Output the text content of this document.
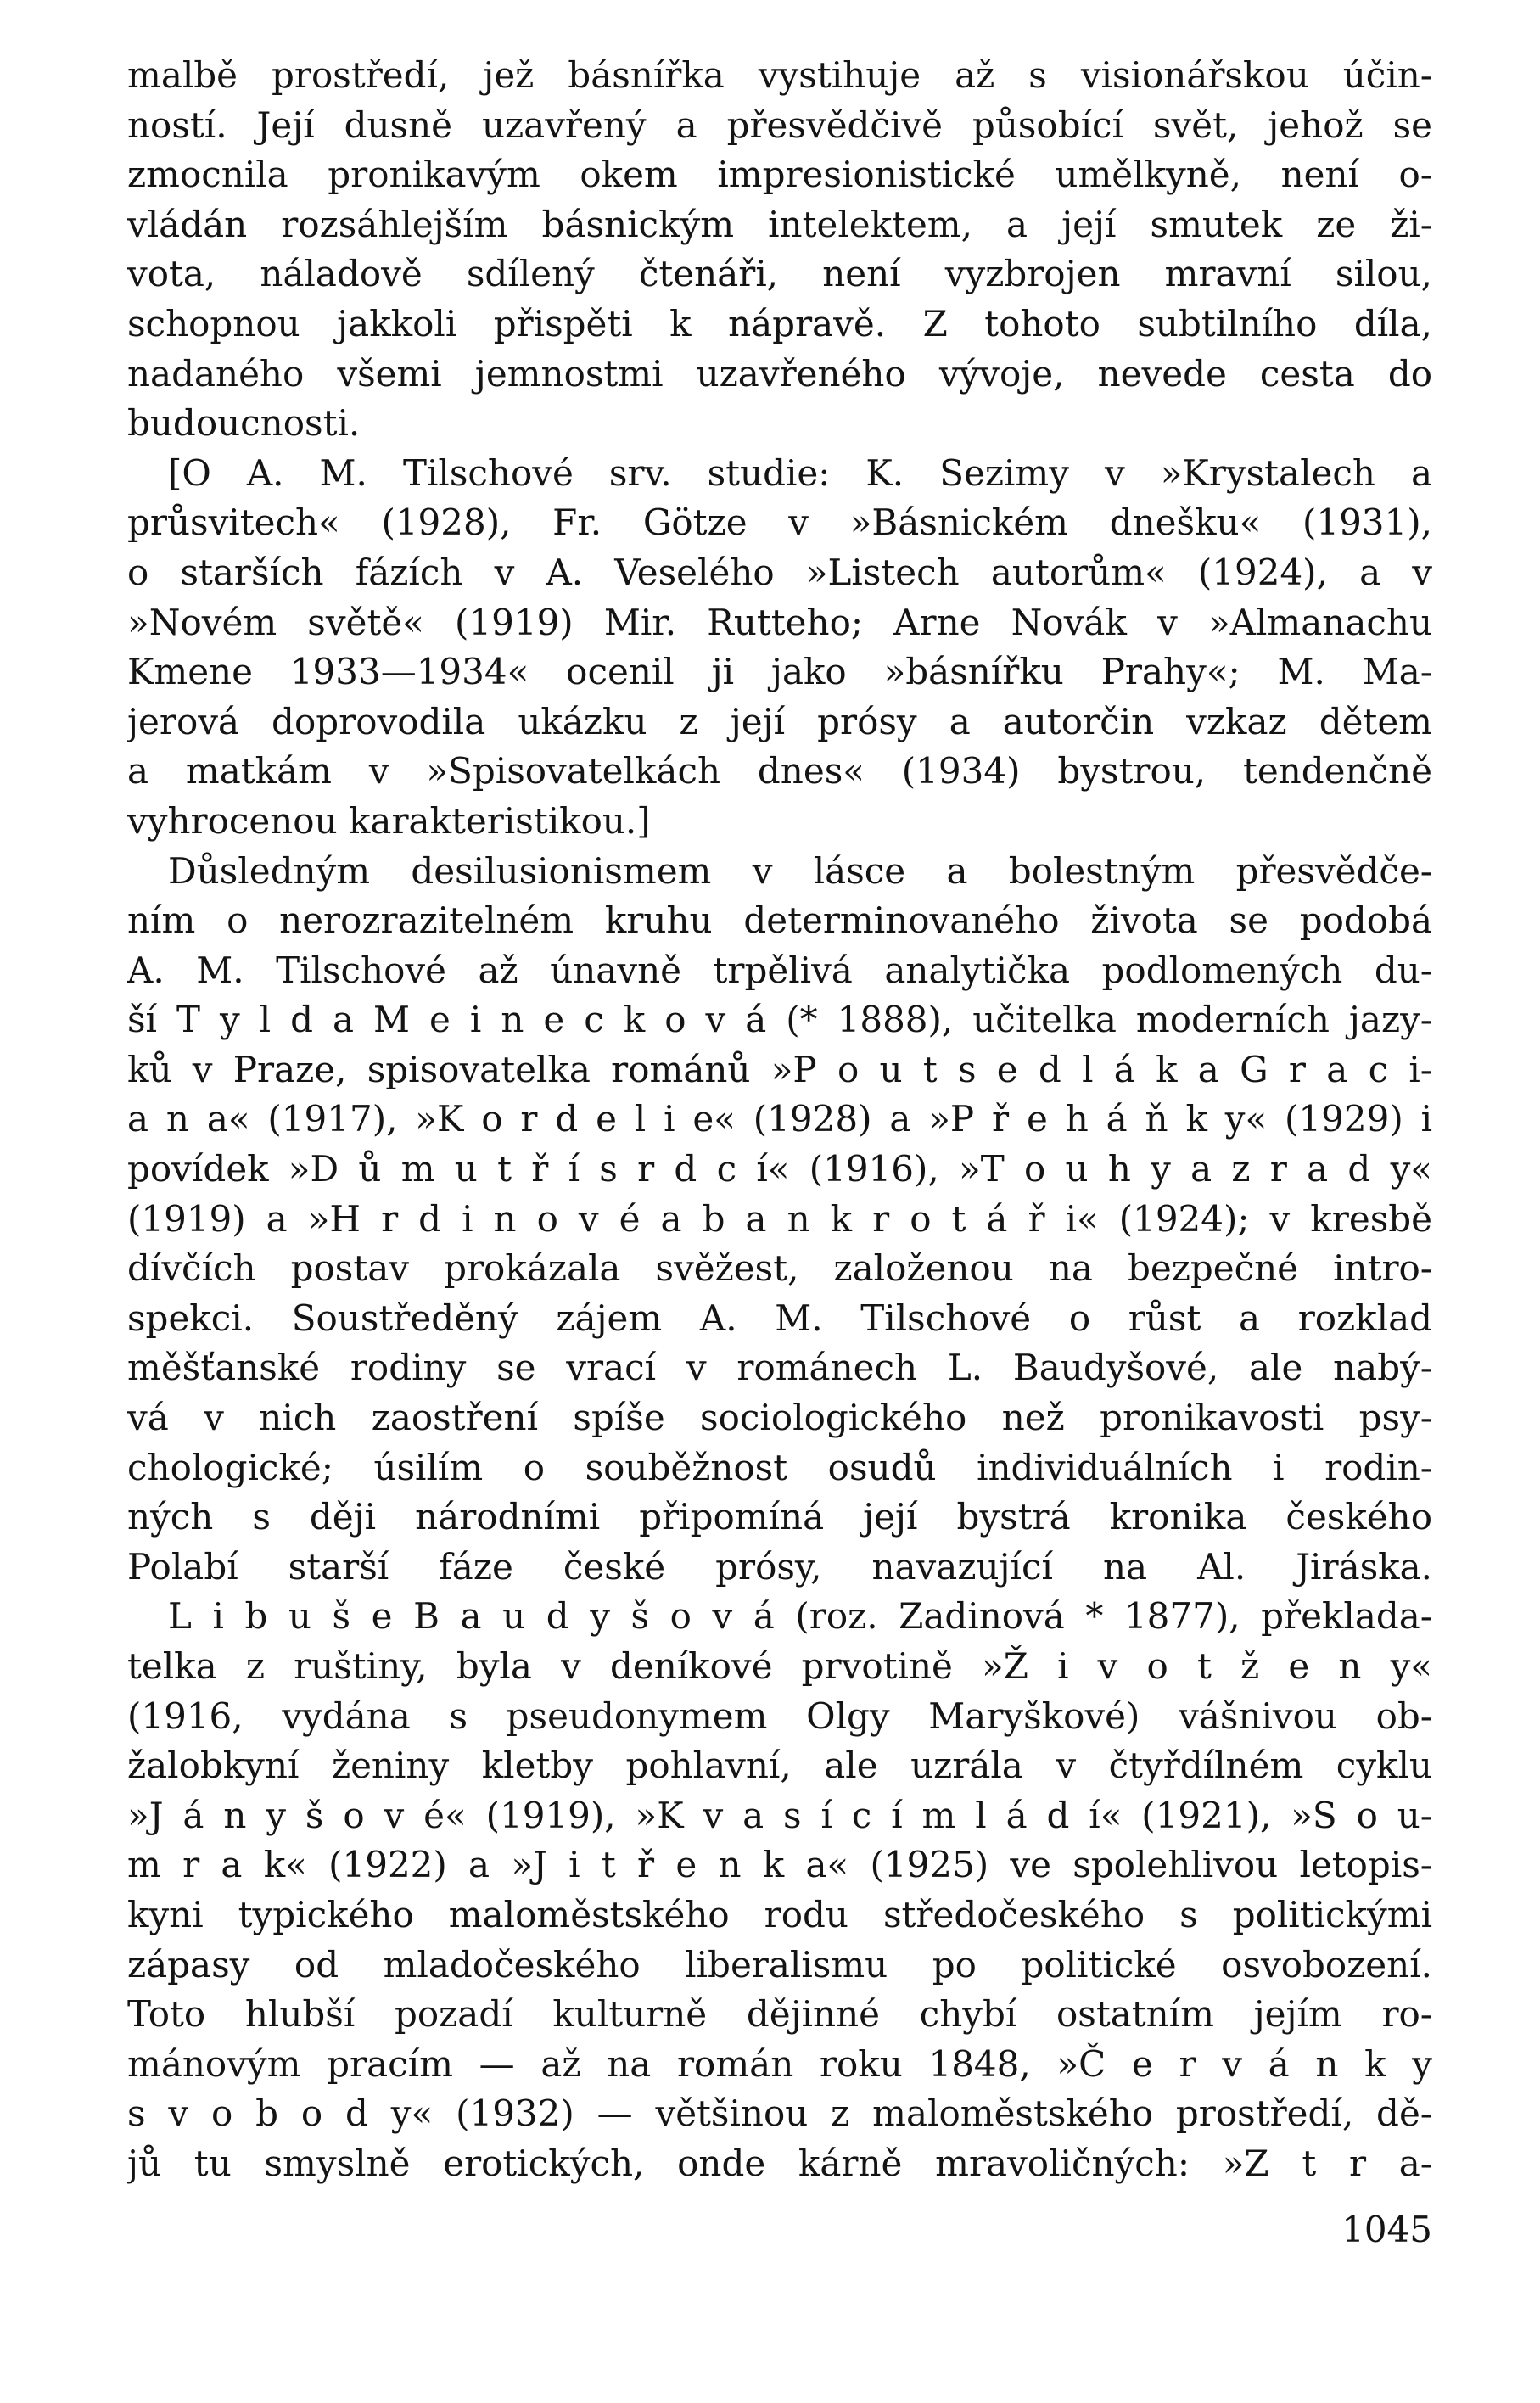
malbě prostředí, jež básnířka vystihuje až s visionářskou účin-
ností. Její dusně uzavřený a přesvědčivě působící svět, jehož se
zmocnila pronikavým okem impresionistické umělkyně, není o-
vládán rozsáhlejším básnickým intelektem, a její smutek ze ži-
vota, náladově sdílený čtenáři, není vyzbrojen mravní silou,
schopnou jakkoli přispěti k nápravě. Z tohoto subtilního díla,
nadaného všemi jemnostmi uzavřeného vývoje, nevede cesta do
budoucnosti.
[O A. M. Tilschové srv. studie: K. Sezimy v »Krystalech a
průsvitech« (1928), Fr. Götze v »Básnickém dnešku« (1931),
o starších fázích v A. Veselého »Listech autorům« (1924), a v
»Novém světě« (1919) Mir. Rutteho; Arne Novák v »Almanachu
Kmene 1933—1934« ocenil ji jako »básnířku Prahy«; M. Ma-
jerová doprovodila ukázku z její prósy a autorčin vzkaz dětem
a matkám v »Spisovatelkách dnes« (1934) bystrou, tendenčně
vyhrocenou karakteristikou.]
Důsledným desilusionismem v lásce a bolestným přesvědče-
ním o nerozrazitelném kruhu determinovaného života se podobá
A. M. Tilschové až únavně trpělivá analytička podlomených du-
ší T y l d a M e i n e c k o v á (* 1888), učitelka moderních jazy-
ků v Praze, spisovatelka románů »P o u t s e d l á k a G r a c i-
a n a« (1917), »K o r d e l i e« (1928) a »P ř e h á ň k y« (1929) i
povídek »D ů m u t ř í s r d c í« (1916), »T o u h y a z r a d y«
(1919) a »H r d i n o v é a b a n k r o t á ř i« (1924); v kresbě
dívčích postav prokázala svěžest, založenou na bezpečné intro-
spekci. Soustředěný zájem A. M. Tilschové o růst a rozklad
měšťanské rodiny se vrací v románech L. Baudyšové, ale nabý-
vá v nich zaostření spíše sociologického než pronikavosti psy-
chologické; úsilím o souběžnost osudů individuálních i rodin-
ných s ději národními připomíná její bystrá kronika českého
Polabí starší fáze české prósy, navazující na Al. Jiráska.
L i b u š e B a u d y š o v á (roz. Zadinová * 1877), překlada-
telka z ruštiny, byla v deníkové prvotině »Ž i v o t ž e n y«
(1916, vydána s pseudonymem Olgy Maryškové) vášnivou ob-
žalobkyní ženiny kletby pohlavní, ale uzrála v čtyřdílném cyklu
»J á n y š o v é« (1919), »K v a s í c í m l á d í« (1921), »S o u-
m r a k« (1922) a »J i t ř e n k a« (1925) ve spolehlivou letopis-
kyni typického maloměstského rodu středočeského s politickými
zápasy od mladočeského liberalismu po politické osvobození.
Toto hlubší pozadí kulturně dějinné chybí ostatním jejím ro-
mánovým pracím — až na román roku 1848, »Č e r v á n k y
s v o b o d y« (1932) — většinou z maloměstského prostředí, dě-
jů tu smyslně erotických, onde kárně mravoličných: »Z t r a-
1045
